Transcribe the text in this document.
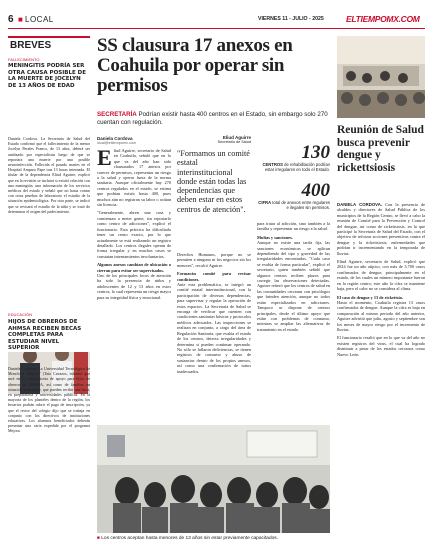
6 ■ LOCAL	VIERNES 11 - JULIO - 2025	ELTIEMPOMX.COM
BREVES
FALLECIMIENTO
MENINGITIS PODRÍA SER OTRA CAUSA POSIBLE DE LA MUERTE DE JOCELYN DE 13 AÑOS DE EDAD

Daniela Cordova. La Secretaría de Salud del Estado confirmó que el fallecimiento de la menor Jocelyn Perales Franco, de 13 años, deberá ser analizado por especialistas luego de que se reportara una muerte por una posible neuroinfección. Fallecida el pasado martes en el Hospital Amparo Pape tras 13 horas internada. El titular de la dependencia Eliud Aguirre, explicó que en la revisión se incluirá si existió relación con una meningitis; una información de los servicios médicos del estado y señaló que no hasta contar con otras pruebas de laboratorio el estudio de la situación epidemiológica. Por otra parte, se indicó que se revisará el estudio de la niña y se trató de determinar el origen del padecimiento.

EDUCACIÓN
HIJOS DE OBREROS DE AHMSA RECIBEN BECAS COMPLETAS PARA ESTUDIAR NIVEL SUPERIOR

Daniela Cordova. La Universidad Tecnológica de Monclova "Mejora" (Tato Cavazos, informó que será en la convocatoria de apoyo para hijos de obreros de AHMSA, así como de familias en situación vulnerable, que pueden recibir una beca, en preparatoria y universidades públicas. En la mayoría de los planteles dentro de la región, los becarios podrán cubrir el pago de inscripción, ya que el rector del colegio dijo que se trabaja en conjunto con los directivos de instituciones educativas. Los alumnos beneficiados deberán presentar una carta expedida por el programa Mejora.

SS clausura 17 anexos en Coahuila por operar sin permisos
SECRETARÍA Podrían existir hasta 400 centros en el Estado, sin embargo solo 270 cuentan con regulación.
Daniela Cordova
local@eltiempomx.com
E liud Aguirre, secretario de Salud en Coahuila, señaló que en lo que va del año han sido clausurados 17 anexos por carecer de permisos, representar un riesgo a la salud y operar fuera de la norma sanitaria. Aunque oficialmente hay 270 centros regulados en el estado, se estima que podrían existir hasta 400, pues muchos aún no registran su labor o actúan sin licencia.

"Generalmente, abren una casa y comienzan a meter gente, sin reportarlo como centro de adicciones", explicó el funcionario. Esta práctica ha dificultado tener un censo exacto, por lo que actualmente se está realizando un registro detallado. Los centros ilegales operan de forma irregular y en muchos casos se constatan internamientos involuntarios.

Algunos anexos cambian de ubicación o cierran para evitar ser supervisados.

Uno de los principales focos de atención ha sido la presencia de niños y adolescentes de 12 y 13 años en estos centros, lo cual representa un riesgo mayor para su integridad física y emocional.

Eliud Aguirre
Secretario de Salud
"Formamos un comité estatal interinstitucional donde están todas las dependencias que deben estar en estos centros de atención".

Derechos Humanos, porque no se permiten a ninguno ni los negocios sin los menores", recalcó Aguirre.

Formarán comité para revisar condiciones.

Ante esta problemática, se integró un comité estatal interinstitucional, con la participación de diversas dependencias, para supervisar y regular la operación de estos espacios. La Secretaría de Salud se encarga de verificar que cuenten con condiciones sanitarias básicas y protocolos médicos adecuados. Las inspecciones se realizan en conjunto, a cargo del área de Regulación Sanitaria, que evalúa el estado de los centros, detecta irregularidades y determina si pueden continuar operando. No sólo se fallaron deficiencias, se tienen registros de consumo y abuso de sustancias dentro de los propios anexos, así como una confirmación de tratos inadecuados.

130
CENTROS de rehabilitación podrían estar irregulares en todo el Estado.
400
CIFRA total de anexos entre regulares e ilegales sin permisos.

para tratar al adicción, sino también a la familia y representar un riesgo a la salud.

Multas y sanciones.

Aunque no existe una tarifa fija, las sanciones económicas se aplican dependiendo del tipo y gravedad de las irregularidades encontradas. "Cada caso se evalúa de forma particular", explicó el secretario, quien también señaló que algunos centros reciben plazos para corregir las observaciones detectadas. Aguirre reiteró que los centros de salud en las comunidades cercanas con psicólogos que brinden atención, aunque no todos están especializados en adicciones. Tampoco se dispone de centros principales, desde el último apoyo que están con problemas de consumo, mientras se ampliar las alternativas de tratamiento en el estado.

■ Los centros aceptan hasta menores de 13 años sin estar previamente capacitados.
Reunión de Salud busca prevenir dengue y rickettsiosis

DANIELA CORDOVA. Con la presencia de alcaldes y directores de Salud Pública de los municipios de la Región Centro, se llevó a cabo la reunión de Comité para la Prevención y Control del dengue, así como de rickettsiosis, en la que participó la Secretaría de Salud del Estado, con el objetivo de reforzar acciones preventivas contra el dengue y la rickettsiosis, enfermedades que podrían ir incrementando en la temporada de lluvias.

Eliud Aguirre, secretario de Salud, explicó que 2024 fue un año atípico, con más de 3,700 casos confirmados de dengue, principalmente en el estado, de los cuales un número importante fueron en la región centro; este año la cifra se mantiene baja, pero el calor no se considera al clima.

El caso de dengue y 13 de rickettsia.

Hasta el momento, Coahuila registra 13 casos confirmados de dengue. Aunque la cifra es baja en comparación al mismo periodo del año anterior, Aguirre advirtió que julio, agosto y septiembre son los meses de mayor riesgo por el incremento de lluvias.

El funcionario resaltó que en lo que va del año no existen registros del virus, el cual ha logrado disminuir a pesar de los estados cercanos como Nuevo León.
